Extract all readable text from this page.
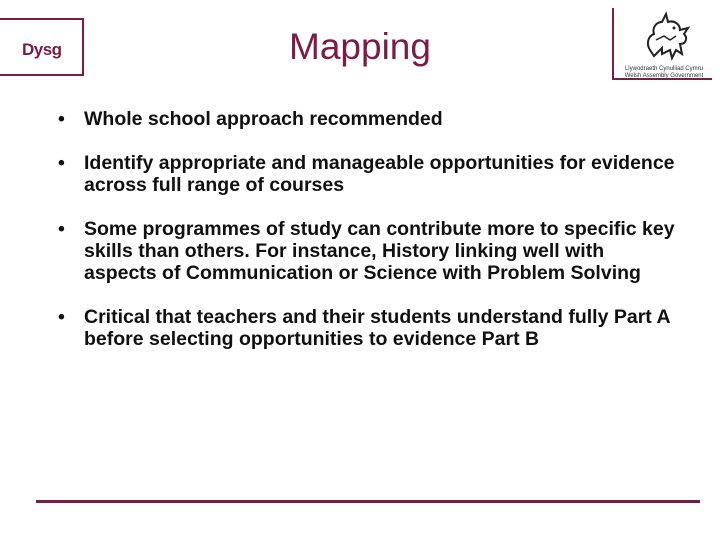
Dysg	Mapping
Llywodraeth Cynulliad Cymru
Welsh Assembly Government
• Whole school approach recommended
• Identify appropriate and manageable opportunities for evidence across full range of courses
• Some programmes of study can contribute more to specific key skills than others. For instance, History linking well with aspects of Communication or Science with Problem Solving
• Critical that teachers and their students understand fully Part A before selecting opportunities to evidence Part B
